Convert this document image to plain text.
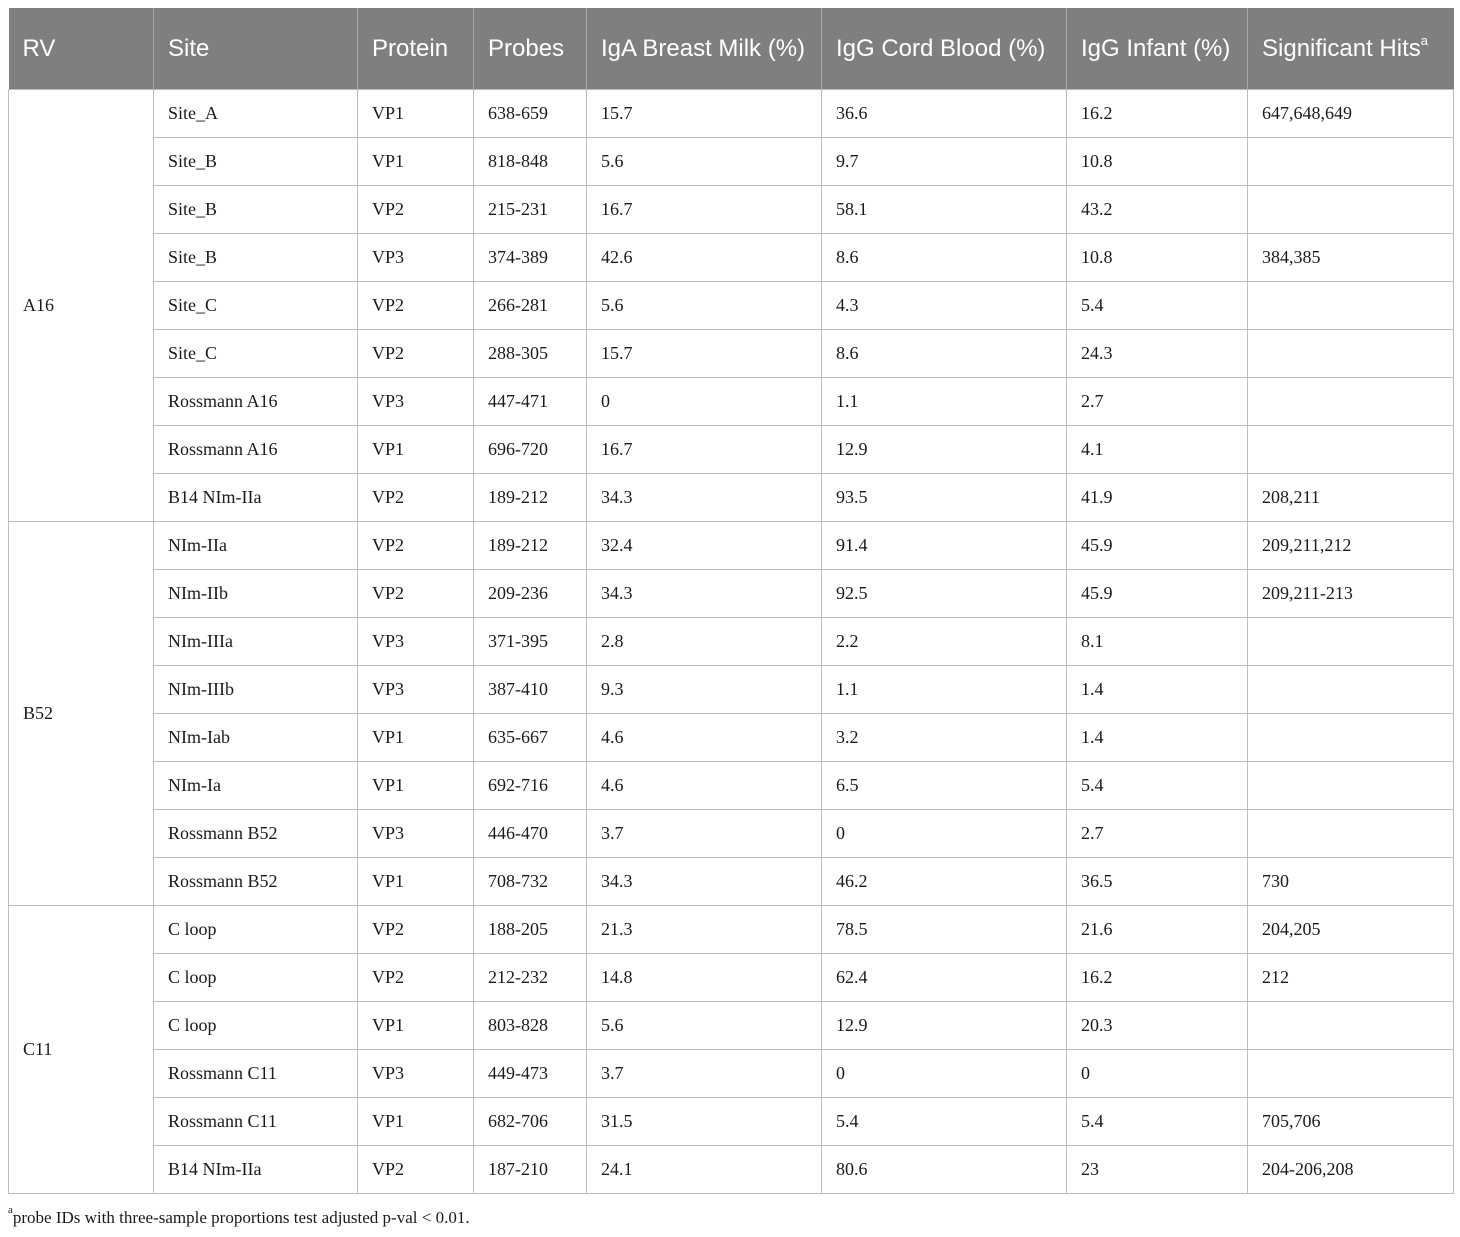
RV	Site	Protein	Probes	IgA Breast Milk (%)	IgG Cord Blood (%)	IgG Infant (%)	Significant Hits$^a$
A16	Site_A	VP1	638-659	15.7	36.6	16.2	647,648,649
	Site_B	VP1	818-848	5.6	9.7	10.8	
	Site_B	VP2	215-231	16.7	58.1	43.2	
	Site_B	VP3	374-389	42.6	8.6	10.8	384,385
	Site_C	VP2	266-281	5.6	4.3	5.4	
	Site_C	VP2	288-305	15.7	8.6	24.3	
	Rossmann A16	VP3	447-471	0	1.1	2.7	
	Rossmann A16	VP1	696-720	16.7	12.9	4.1	
	B14 NIm-IIa	VP2	189-212	34.3	93.5	41.9	208,211
B52	NIm-IIa	VP2	189-212	32.4	91.4	45.9	209,211,212
	NIm-IIb	VP2	209-236	34.3	92.5	45.9	209,211-213
	NIm-IIIa	VP3	371-395	2.8	2.2	8.1	
	NIm-IIIb	VP3	387-410	9.3	1.1	1.4	
	NIm-Iab	VP1	635-667	4.6	3.2	1.4	
	NIm-Ia	VP1	692-716	4.6	6.5	5.4	
	Rossmann B52	VP3	446-470	3.7	0	2.7	
	Rossmann B52	VP1	708-732	34.3	46.2	36.5	730
C11	C loop	VP2	188-205	21.3	78.5	21.6	204,205
	C loop	VP2	212-232	14.8	62.4	16.2	212
	C loop	VP1	803-828	5.6	12.9	20.3	
	Rossmann C11	VP3	449-473	3.7	0	0	
	Rossmann C11	VP1	682-706	31.5	5.4	5.4	705,706
	B14 NIm-IIa	VP2	187-210	24.1	80.6	23	204-206,208
$^a$probe IDs with three-sample proportions test adjusted p-val < 0.01.
